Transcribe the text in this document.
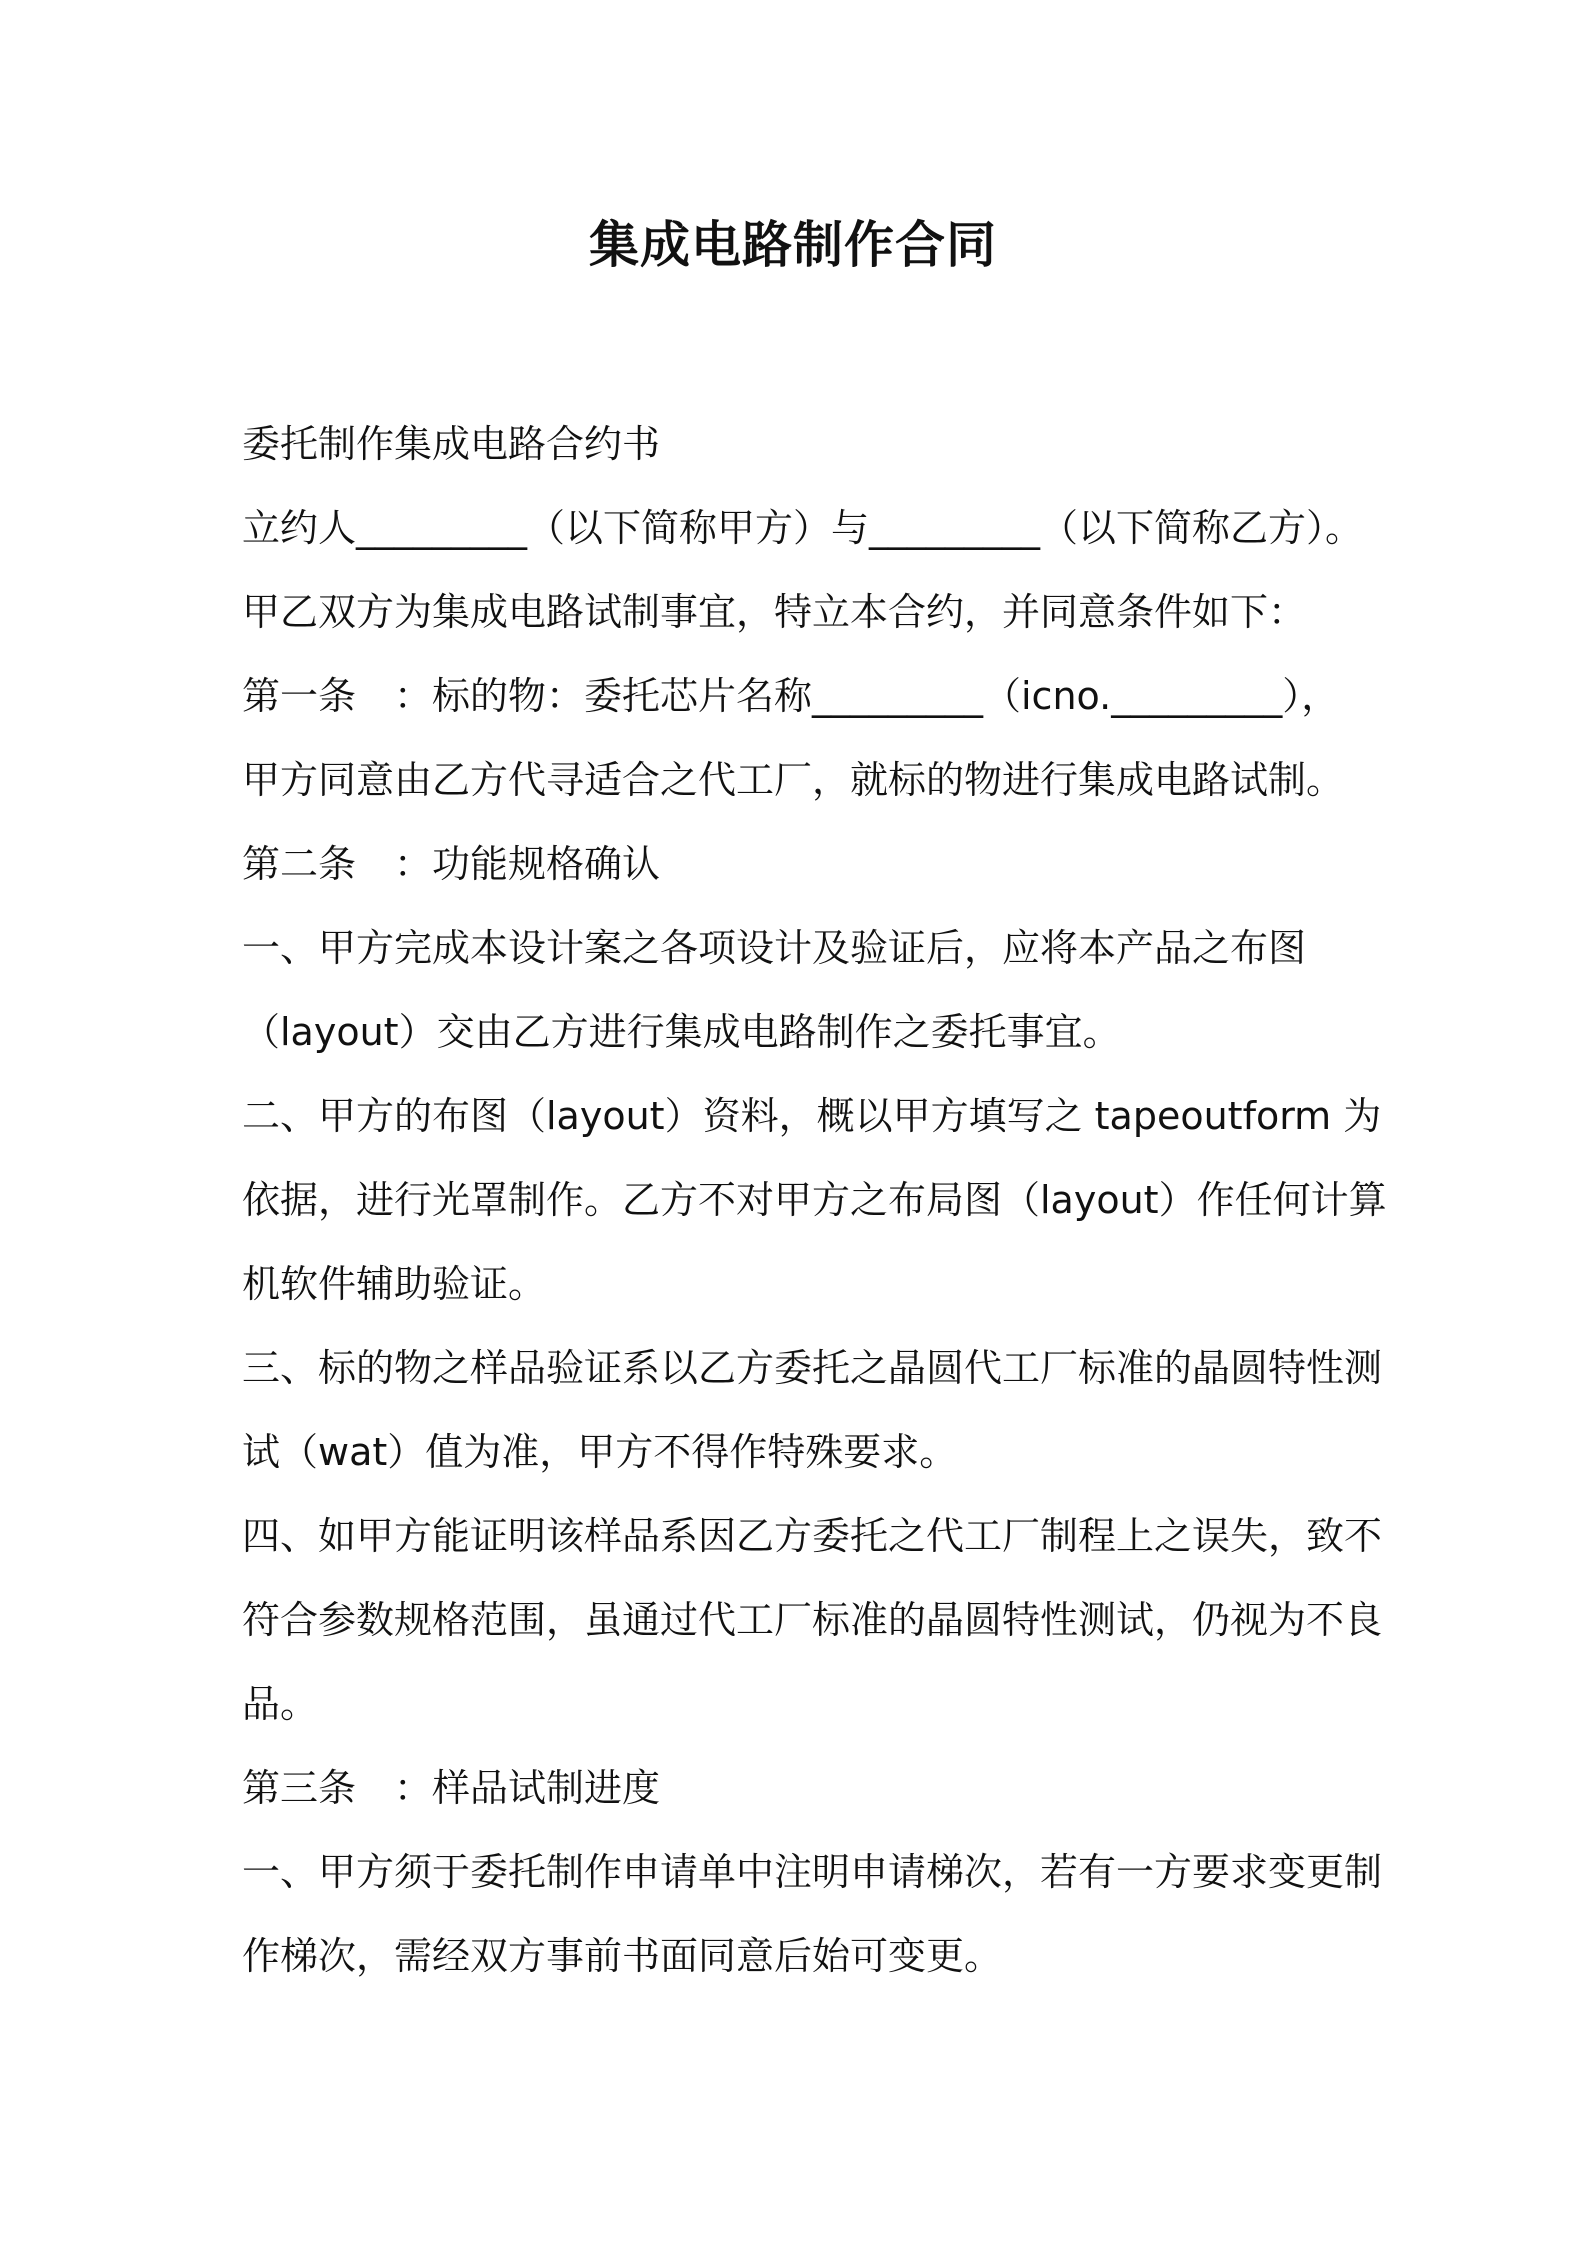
集成电路制作合同
委托制作集成电路合约书
立约人_________（以下简称甲方）与_________（以下简称乙方）。
甲乙双方为集成电路试制事宜，特立本合约，并同意条件如下：
第一条　：标的物：委托芯片名称_________（icno._________），
甲方同意由乙方代寻适合之代工厂，就标的物进行集成电路试制。
第二条　：功能规格确认
一、甲方完成本设计案之各项设计及验证后，应将本产品之布图
（layout）交由乙方进行集成电路制作之委托事宜。
二、甲方的布图（layout）资料，概以甲方填写之 tapeoutform 为
依据，进行光罩制作。乙方不对甲方之布局图（layout）作任何计算
机软件辅助验证。
三、标的物之样品验证系以乙方委托之晶圆代工厂标准的晶圆特性测
试（wat）值为准，甲方不得作特殊要求。
四、如甲方能证明该样品系因乙方委托之代工厂制程上之误失，致不
符合参数规格范围，虽通过代工厂标准的晶圆特性测试，仍视为不良
品。
第三条　：样品试制进度
一、甲方须于委托制作申请单中注明申请梯次，若有一方要求变更制
作梯次，需经双方事前书面同意后始可变更。
